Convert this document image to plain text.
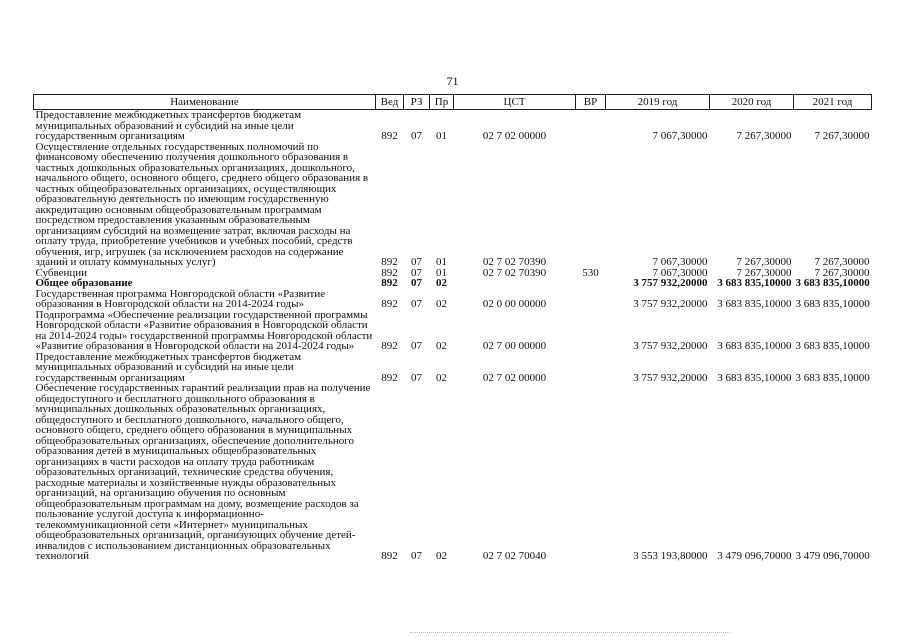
71
Наименование	Вед	РЗ	Пр	ЦСТ	ВР	2019 год	2020 год	2021 год
Предоставление межбюджетных трансфертов бюджетам муниципальных образований и субсидий на иные цели государственным организациям	892	07	01	02 7 02 00000		7 067,30000	7 267,30000	7 267,30000
Осуществление отдельных государственных полномочий по финансовому обеспечению получения дошкольного образования в частных дошкольных образовательных организациях, дошкольного, начального общего, основного общего, среднего общего образования в частных общеобразовательных организациях, осуществляющих образовательную деятельность по имеющим государственную аккредитацию основным общеобразовательным программам посредством предоставления указанным образовательным организациям субсидий на возмещение затрат, включая расходы на оплату труда, приобретение учебников и учебных пособий, средств обучения, игр, игрушек (за исключением расходов на содержание зданий и оплату коммунальных услуг)	892	07	01	02 7 02 70390		7 067,30000	7 267,30000	7 267,30000
Субвенции	892	07	01	02 7 02 70390	530	7 067,30000	7 267,30000	7 267,30000
Общее образование	892	07	02			3 757 932,20000	3 683 835,10000	3 683 835,10000
Государственная программа Новгородской области «Развитие образования в Новгородской области на 2014-2024 годы»	892	07	02	02 0 00 00000		3 757 932,20000	3 683 835,10000	3 683 835,10000
Подпрограмма «Обеспечение реализации государственной программы Новгородской области «Развитие образования в Новгородской области на 2014-2024 годы» государственной программы Новгородской области «Развитие образования в Новгородской области на 2014-2024 годы»	892	07	02	02 7 00 00000		3 757 932,20000	3 683 835,10000	3 683 835,10000
Предоставление межбюджетных трансфертов бюджетам муниципальных образований и субсидий на иные цели государственным организациям	892	07	02	02 7 02 00000		3 757 932,20000	3 683 835,10000	3 683 835,10000
Обеспечение государственных гарантий реализации прав на получение общедоступного и бесплатного дошкольного образования в муниципальных дошкольных образовательных организациях, общедоступного и бесплатного дошкольного, начального общего, основного общего, среднего общего образования в муниципальных общеобразовательных организациях, обеспечение дополнительного образования детей в муниципальных общеобразовательных организациях в части расходов на оплату труда работникам образовательных организаций, технические средства обучения, расходные материалы и хозяйственные нужды образовательных организаций, на организацию обучения по основным общеобразовательным программам на дому, возмещение расходов за пользование услугой доступа к информационно-телекоммуникационной сети «Интернет» муниципальных общеобразовательных организаций, организующих обучение детей-инвалидов с использованием дистанционных образовательных технологий	892	07	02	02 7 02 70040		3 553 193,80000	3 479 096,70000	3 479 096,70000
